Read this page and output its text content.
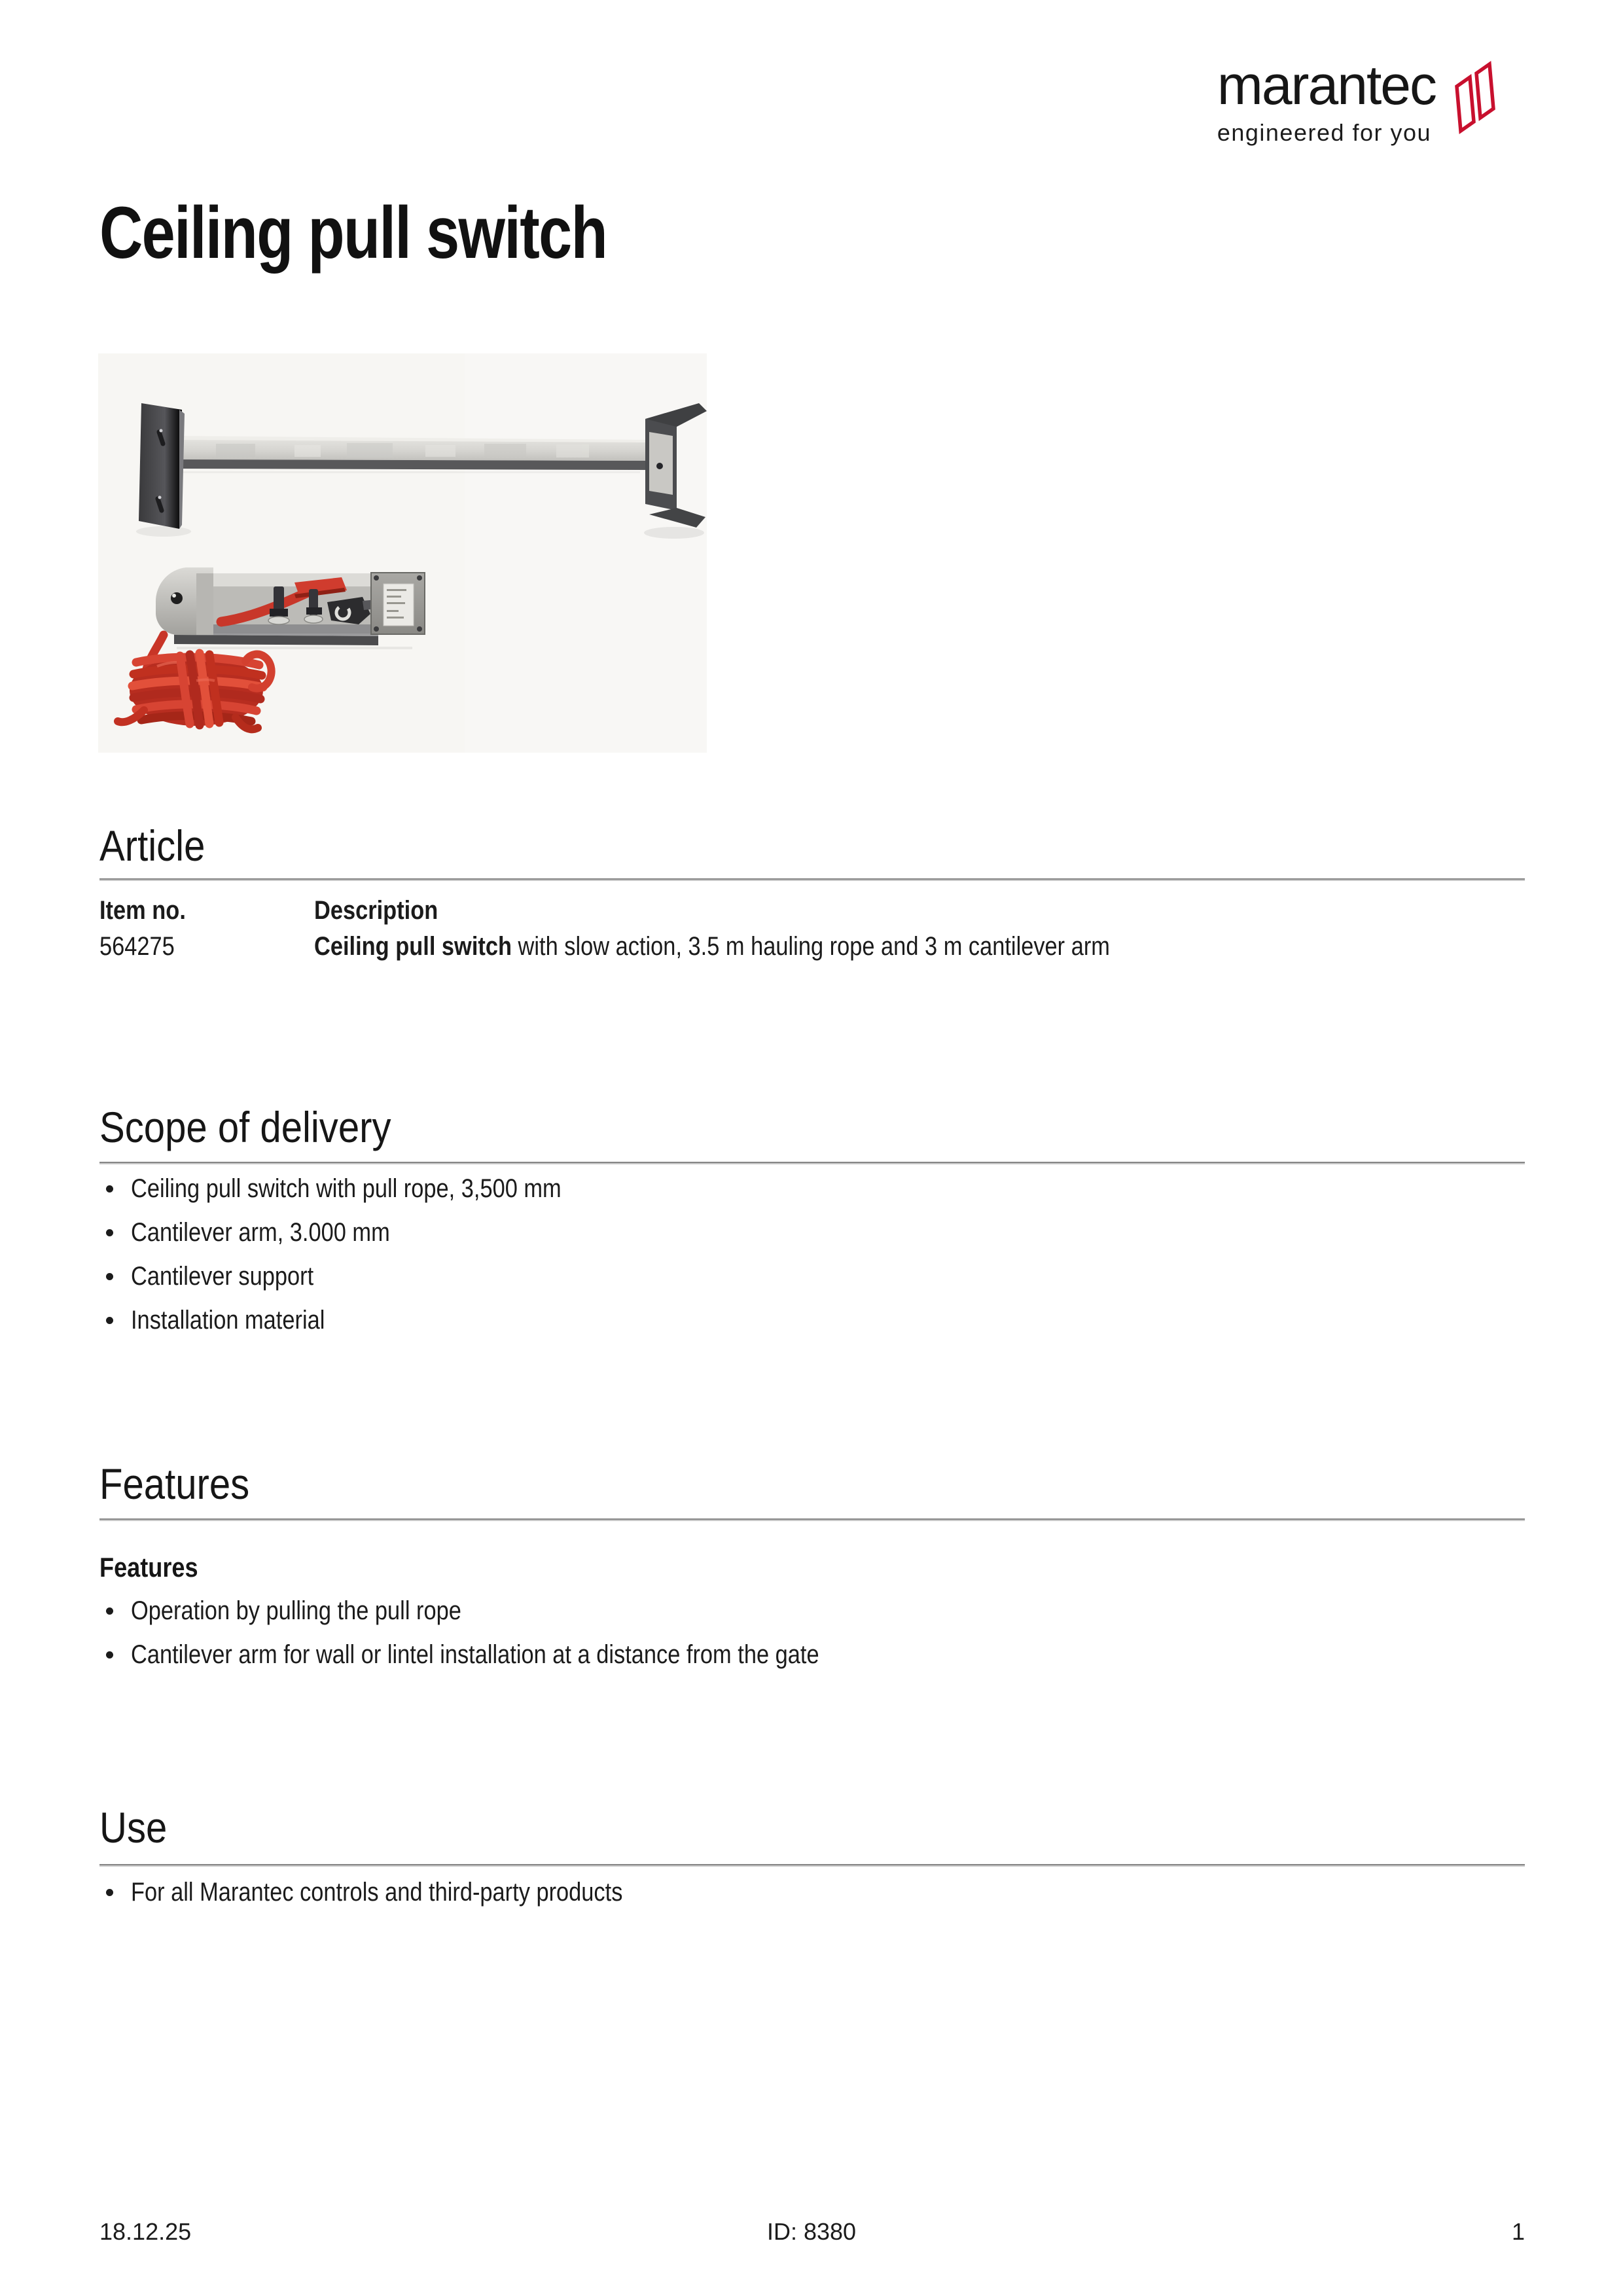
marantec
engineered for you
Ceiling pull switch
Article
Item no.	Description
564275	Ceiling pull switch with slow action, 3.5 m hauling rope and 3 m cantilever arm
Scope of delivery
Ceiling pull switch with pull rope, 3,500 mm
Cantilever arm, 3.000 mm
Cantilever support
Installation material
Features
Features
Operation by pulling the pull rope
Cantilever arm for wall or lintel installation at a distance from the gate
Use
For all Marantec controls and third-party products
18.12.25	ID: 8380	1
